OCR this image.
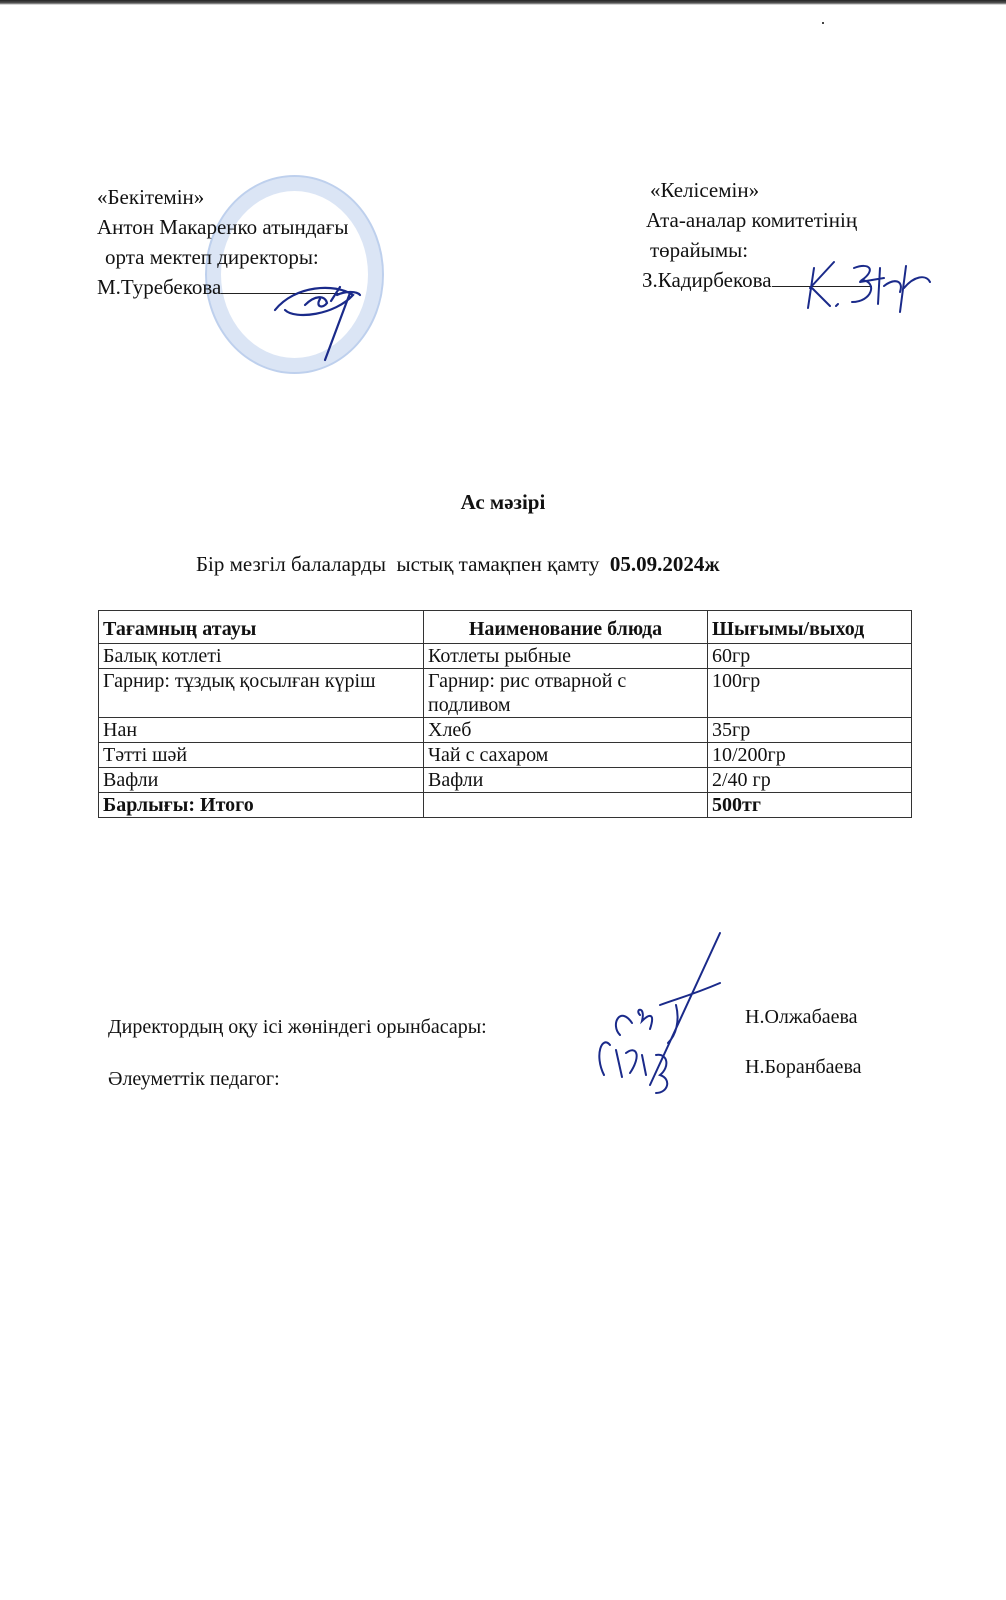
«Бекітемін»
Антон Макаренко атындағы
орта мектеп директоры:
М.Туребекова
«Келісемін»
Ата-аналар комитетінің
төрайымы:
З.Кадирбекова
Ас мәзірі
Бір мезгіл балаларды  ыстық тамақпен қамту  05.09.2024ж
Тағамның атауы	Наименование блюда	Шығымы/выход
Балық котлеті	Котлеты рыбные	60гр
Гарнир: тұздық қосылған күріш	Гарнир: рис отварной с подливом	100гр
Нан	Хлеб	35гр
Тәтті шәй	Чай с сахаром	10/200гр
Вафли	Вафли	2/40 гр
Барлығы: Итого		500тг
Директордың оқу ісі жөніндегі орынбасары:	Н.Олжабаева
Әлеуметтік педагог:
Н.Боранбаева
